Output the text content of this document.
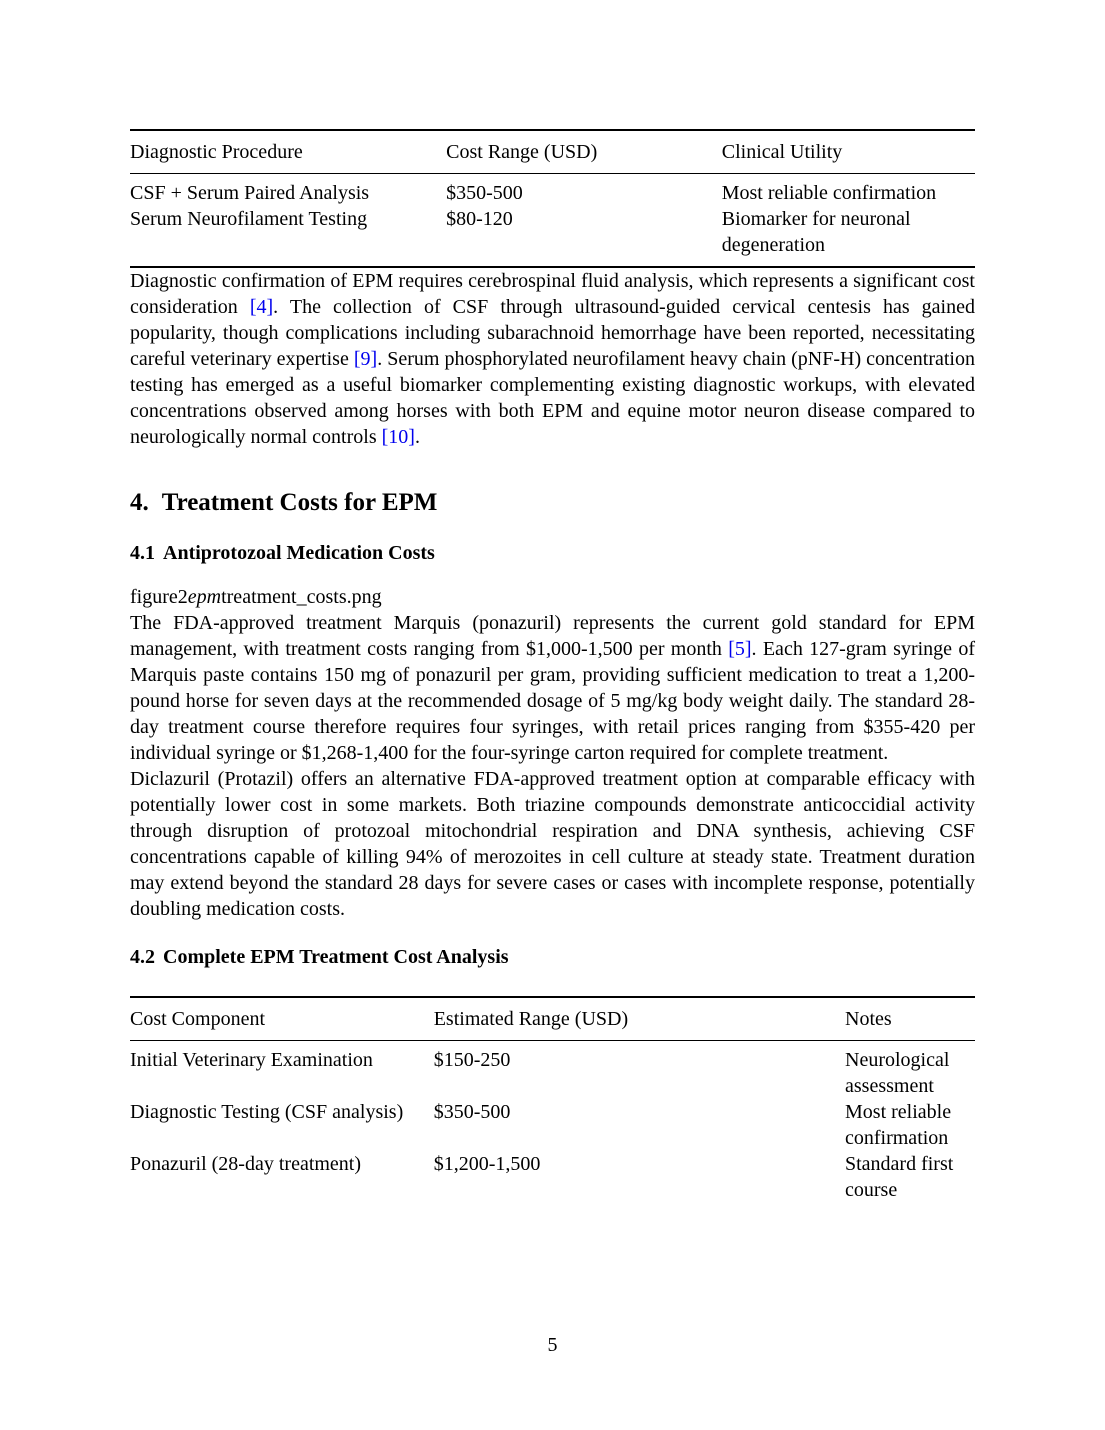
Diagnostic Procedure	Cost Range (USD)	Clinical Utility
CSF + Serum Paired Analysis	$350-500	Most reliable confirmation
Serum Neurofilament Testing	$80-120	Biomarker for neuronal degeneration

Diagnostic confirmation of EPM requires cerebrospinal fluid analysis, which represents a significant cost consideration [4]. The collection of CSF through ultrasound-guided cervical centesis has gained popularity, though complications including subarachnoid hemorrhage have been reported, necessitating careful veterinary expertise [9]. Serum phosphorylated neurofilament heavy chain (pNF-H) concentration testing has emerged as a useful biomarker complementing existing diagnostic workups, with elevated concentrations observed among horses with both EPM and equine motor neuron disease compared to neurologically normal controls [10].

4. Treatment Costs for EPM
4.1 Antiprotozoal Medication Costs

figure2epmtreatment_costs.png

The FDA-approved treatment Marquis (ponazuril) represents the current gold standard for EPM management, with treatment costs ranging from $1,000-1,500 per month [5]. Each 127-gram syringe of Marquis paste contains 150 mg of ponazuril per gram, providing sufficient medication to treat a 1,200-pound horse for seven days at the recommended dosage of 5 mg/kg body weight daily. The standard 28-day treatment course therefore requires four syringes, with retail prices ranging from $355-420 per individual syringe or $1,268-1,400 for the four-syringe carton required for complete treatment.

Diclazuril (Protazil) offers an alternative FDA-approved treatment option at comparable efficacy with potentially lower cost in some markets. Both triazine compounds demonstrate anticoccidial activity through disruption of protozoal mitochondrial respiration and DNA synthesis, achieving CSF concentrations capable of killing 94% of merozoites in cell culture at steady state. Treatment duration may extend beyond the standard 28 days for severe cases or cases with incomplete response, potentially doubling medication costs.

4.2 Complete EPM Treatment Cost Analysis
Cost Component	Estimated Range (USD)	Notes
Initial Veterinary Examination	$150-250	Neurological assessment
Diagnostic Testing (CSF analysis)	$350-500	Most reliable confirmation
Ponazuril (28-day treatment)	$1,200-1,500	Standard first course
5
